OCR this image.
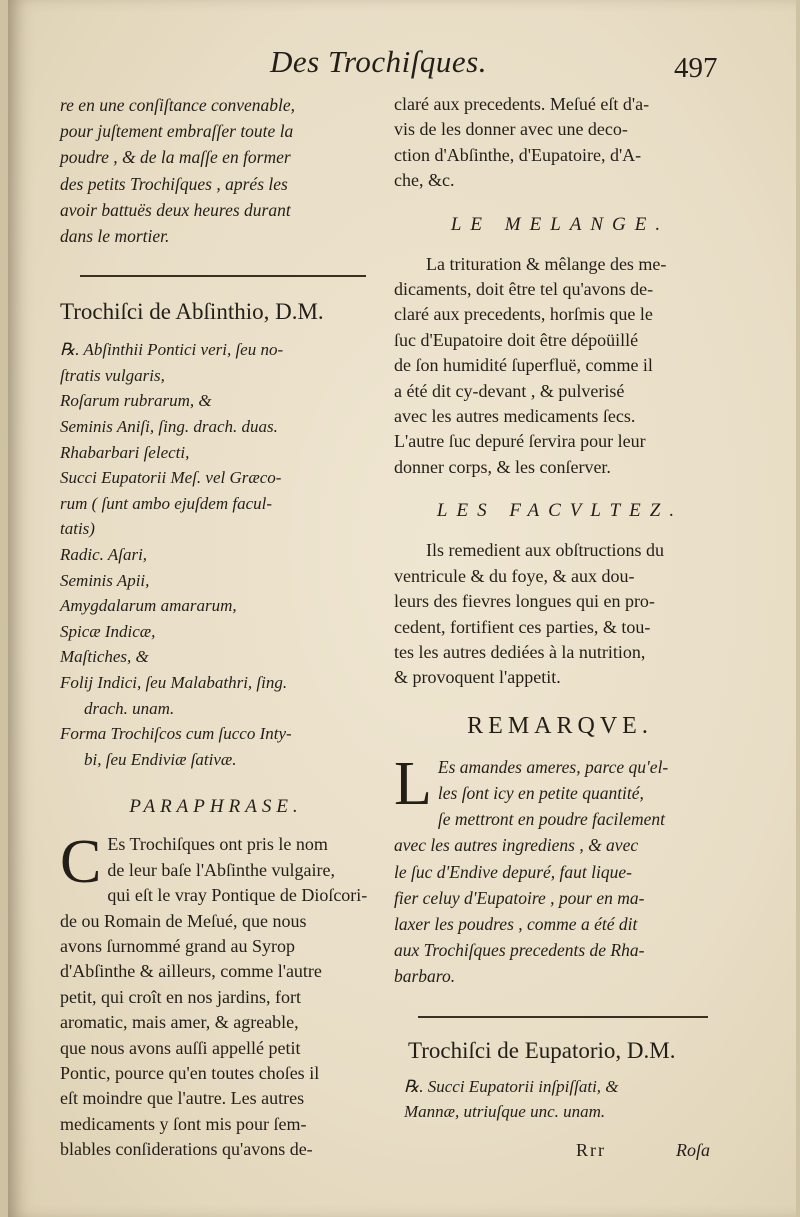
Des Trochiſques.	497
re en une conſiſtance convenable,
pour juſtement embraſſer toute la
poudre , & de la maſſe en former
des petits Trochiſques , aprés les
avoir battuës deux heures durant
dans le mortier.
Trochiſci de Abſinthio, D.M.
℞. Abſinthii Pontici veri, ſeu no-
ſtratis vulgaris,
Roſarum rubrarum, &
Seminis Aniſi, ſing. drach. duas.
Rhabarbari ſelecti,
Succi Eupatorii Meſ. vel Græco-
rum ( ſunt ambo ejuſdem facul-
tatis)
Radic. Aſari,
Seminis Apii,
Amygdalarum amararum,
Spicæ Indicæ,
Maſtiches, &
Folij Indici, ſeu Malabathri, ſing.
drach. unam.
Forma Trochiſcos cum ſucco Inty-
bi, ſeu Endiviæ ſativæ.
PARAPHRASE.
C Es Trochiſques ont pris le nom
de leur baſe l'Abſinthe vulgaire,
qui eſt le vray Pontique de Dioſcori-
de ou Romain de Meſué, que nous
avons ſurnommé grand au Syrop
d'Abſinthe & ailleurs, comme l'autre
petit, qui croît en nos jardins, fort
aromatic, mais amer, & agreable,
que nous avons auſſi appellé petit
Pontic, pource qu'en toutes choſes il
eſt moindre que l'autre. Les autres
medicaments y ſont mis pour ſem-
blables conſiderations qu'avons de-
claré aux precedents. Meſué eſt d'a-
vis de les donner avec une deco-
ction d'Abſinthe, d'Eupatoire, d'A-
che, &c.
LE MELANGE.
La trituration & mêlange des me-
dicaments, doit être tel qu'avons de-
claré aux precedents, horſmis que le
ſuc d'Eupatoire doit être dépoüillé
de ſon humidité ſuperfluë, comme il
a été dit cy-devant , & pulverisé
avec les autres medicaments ſecs.
L'autre ſuc depuré ſervira pour leur
donner corps, & les conſerver.
LES FACVLTEZ.
Ils remedient aux obſtructions du
ventricule & du foye, & aux dou-
leurs des fievres longues qui en pro-
cedent, fortifient ces parties, & tou-
tes les autres dediées à la nutrition,
& provoquent l'appetit.
REMARQVE.
L Es amandes ameres, parce qu'el-
les ſont icy en petite quantité,
ſe mettront en poudre facilement
avec les autres ingrediens , & avec
le ſuc d'Endive depuré, faut lique-
fier celuy d'Eupatoire , pour en ma-
laxer les poudres , comme a été dit
aux Trochiſques precedents de Rha-
barbaro.
Trochiſci de Eupatorio, D.M.
℞. Succi Eupatorii inſpiſſati, &
Mannæ, utriuſque unc. unam.
Rrr	Roſa
